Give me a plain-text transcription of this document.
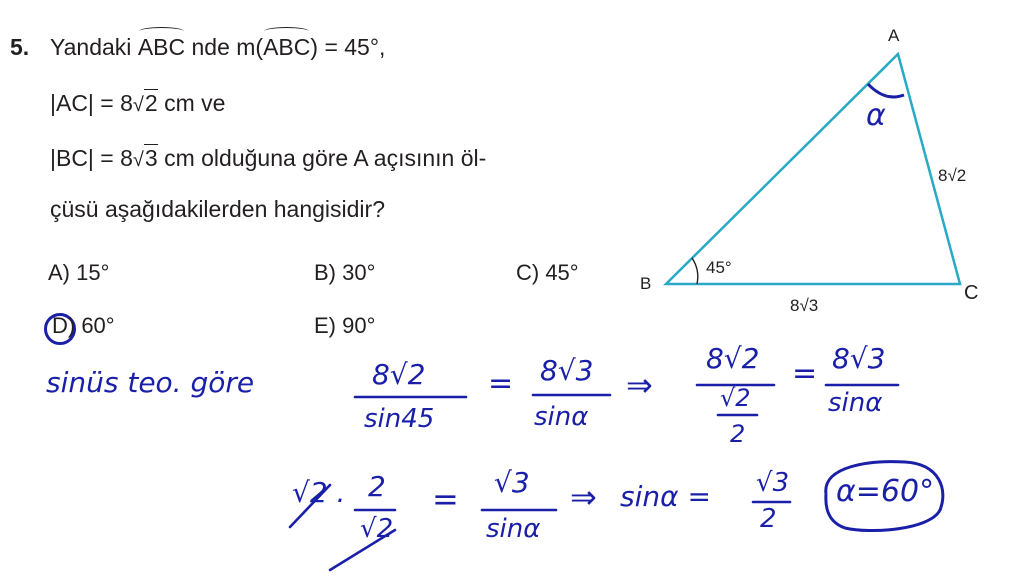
5. Yandaki ABC nde m(ABC) = 45°,
|AC| = 8√2 cm ve
|BC| = 8√3 cm olduğuna göre A açısının öl-
çüsü aşağıdakilerden hangisidir?
A) 15°	B) 30°	C) 45°
D) 60°	E) 90°
A
B	C
8√2
8√3
45°
α
sinüs teo. göre	8√2
sin45
= 8√3
sinα
⇒
8√2
√2
2
= 8√3
sinα
√2 . 2
√2
= √3
sinα
⇒ sinα = √3
2
α=60°
